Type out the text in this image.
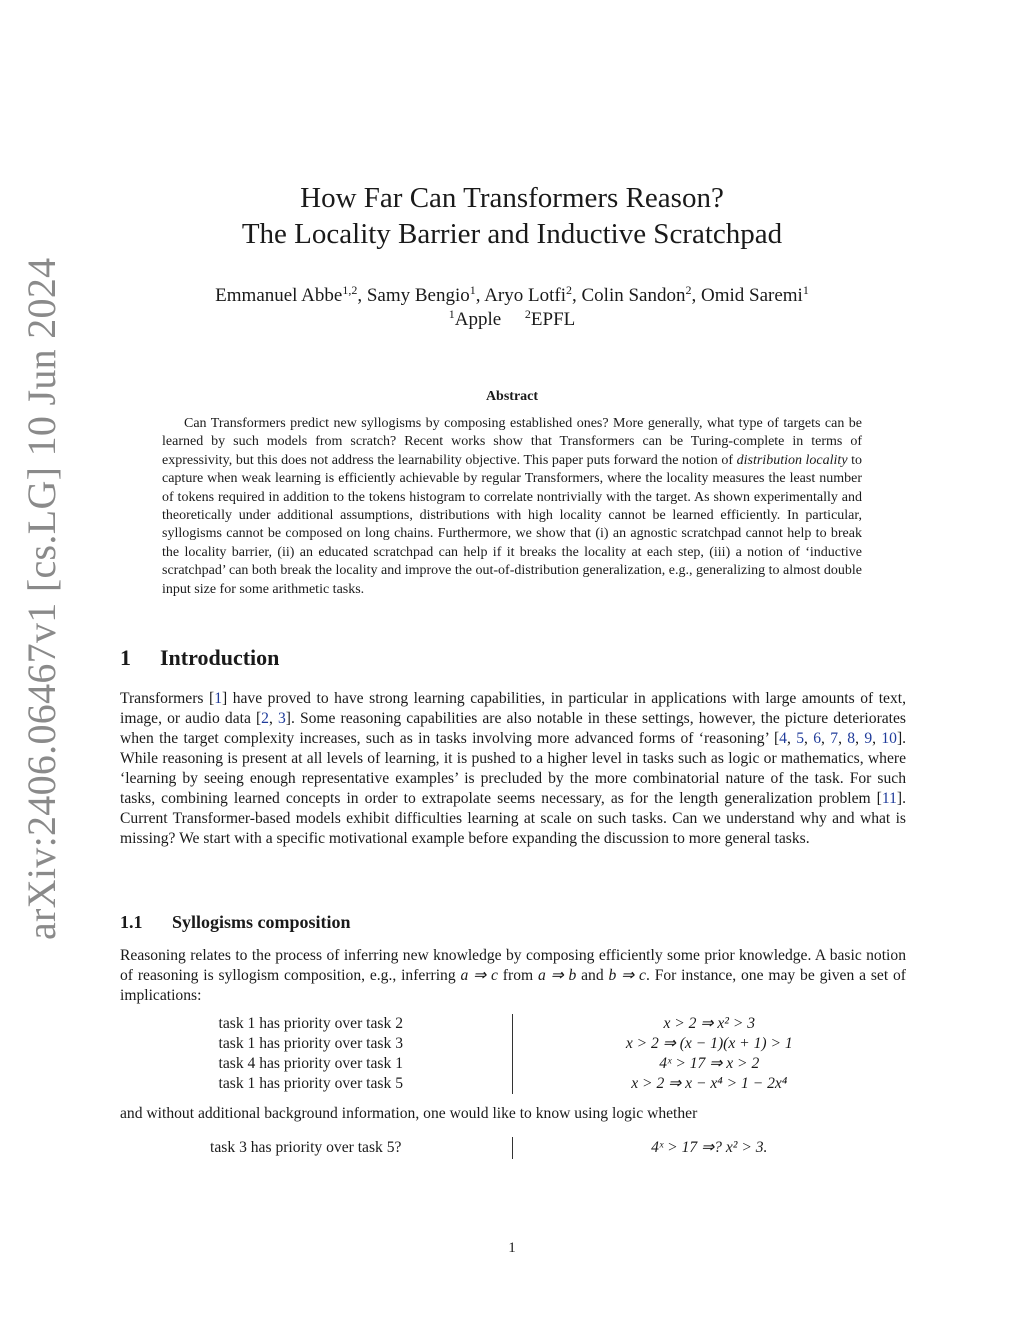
arXiv:2406.06467v1 [cs.LG] 10 Jun 2024
How Far Can Transformers Reason?
The Locality Barrier and Inductive Scratchpad
Emmanuel Abbe$^{1,2}$, Samy Bengio$^1$, Aryo Lotfi$^2$, Colin Sandon$^2$, Omid Saremi$^1$
$^1$Apple $^2$EPFL
Abstract
Can Transformers predict new syllogisms by composing established ones? More generally, what type of targets can be learned by such models from scratch? Recent works show that Transformers can be Turing-complete in terms of expressivity, but this does not address the learnability objective. This paper puts forward the notion of distribution locality to capture when weak learning is efficiently achievable by regular Transformers, where the locality measures the least number of tokens required in addition to the tokens histogram to correlate nontrivially with the target. As shown experimentally and theoretically under additional assumptions, distributions with high locality cannot be learned efficiently. In particular, syllogisms cannot be composed on long chains. Furthermore, we show that (i) an agnostic scratchpad cannot help to break the locality barrier, (ii) an educated scratchpad can help if it breaks the locality at each step, (iii) a notion of ‘inductive scratchpad’ can both break the locality and improve the out-of-distribution generalization, e.g., generalizing to almost double input size for some arithmetic tasks.
1 Introduction
Transformers [1] have proved to have strong learning capabilities, in particular in applications with large amounts of text, image, or audio data [2, 3]. Some reasoning capabilities are also notable in these settings, however, the picture deteriorates when the target complexity increases, such as in tasks involving more advanced forms of ‘reasoning’ [4, 5, 6, 7, 8, 9, 10]. While reasoning is present at all levels of learning, it is pushed to a higher level in tasks such as logic or mathematics, where ‘learning by seeing enough representative examples’ is precluded by the more combinatorial nature of the task. For such tasks, combining learned concepts in order to extrapolate seems necessary, as for the length generalization problem [11]. Current Transformer-based models exhibit difficulties learning at scale on such tasks. Can we understand why and what is missing? We start with a specific motivational example before expanding the discussion to more general tasks.
1.1 Syllogisms composition
Reasoning relates to the process of inferring new knowledge by composing efficiently some prior knowledge. A basic notion of reasoning is syllogism composition, e.g., inferring a ⇒ c from a ⇒ b and b ⇒ c. For instance, one may be given a set of implications:
task 1 has priority over task 2	x > 2 ⇒ x² > 3
task 1 has priority over task 3	x > 2 ⇒ (x − 1)(x + 1) > 1
task 4 has priority over task 1	4ˣ > 17 ⇒ x > 2
task 1 has priority over task 5	x > 2 ⇒ x − x⁴ > 1 − 2x⁴
and without additional background information, one would like to know using logic whether
task 3 has priority over task 5?	4ˣ > 17 ⇒? x² > 3.
1
